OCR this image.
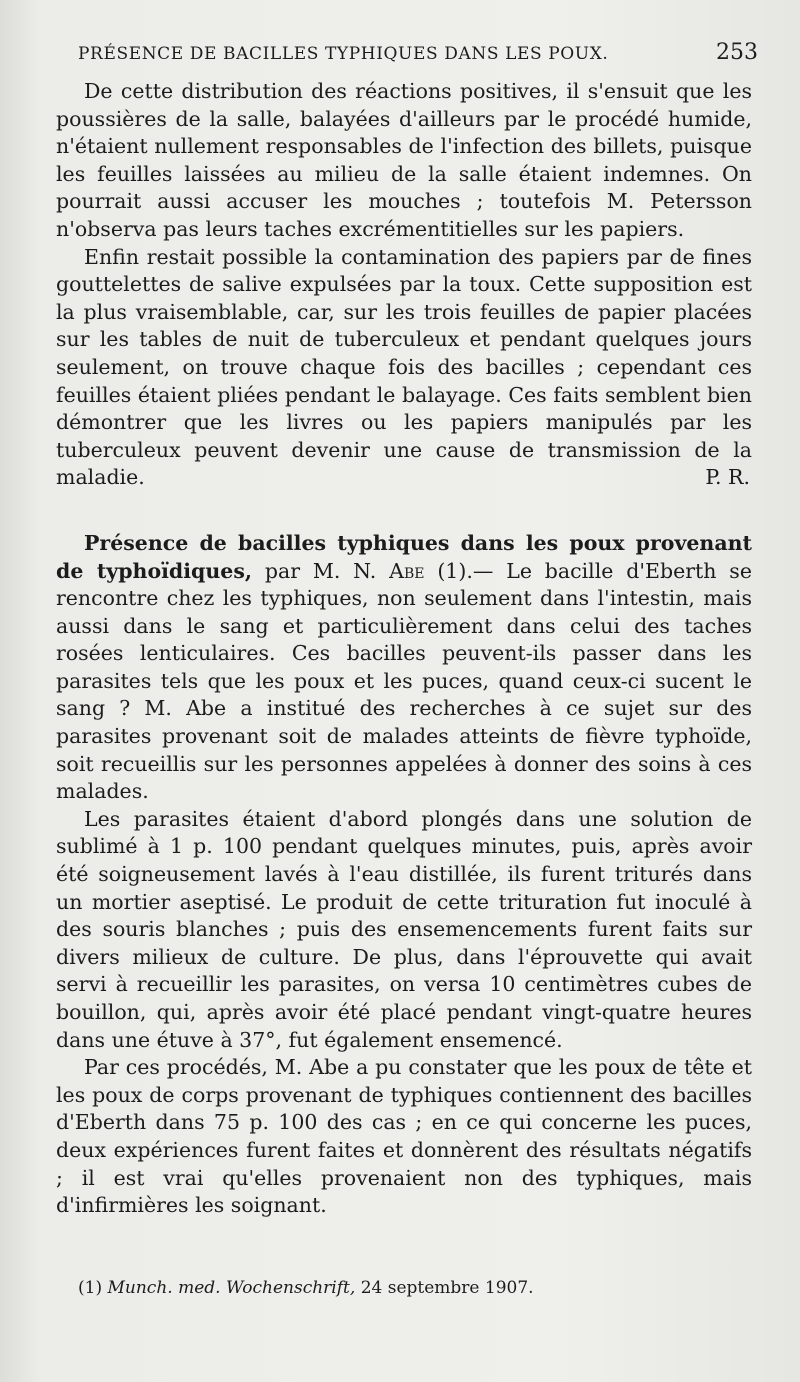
PRÉSENCE DE BACILLES TYPHIQUES DANS LES POUX.	253

De cette distribution des réactions positives, il s'ensuit que les poussières de la salle, balayées d'ailleurs par le procédé humide, n'étaient nullement responsables de l'infection des billets, puisque les feuilles laissées au milieu de la salle étaient indemnes. On pourrait aussi accuser les mouches ; toutefois M. Petersson n'observa pas leurs taches excrémentitielles sur les papiers.

Enfin restait possible la contamination des papiers par de fines gouttelettes de salive expulsées par la toux. Cette supposition est la plus vraisemblable, car, sur les trois feuilles de papier placées sur les tables de nuit de tuberculeux et pendant quelques jours seulement, on trouve chaque fois des bacilles ; cependant ces feuilles étaient pliées pendant le balayage. Ces faits semblent bien démontrer que les livres ou les papiers manipulés par les tuberculeux peuvent devenir une cause de transmission de la maladie.	P. R.

Présence de bacilles typhiques dans les poux provenant de typhoïdiques, par M. N. Abe (1).— Le bacille d'Eberth se rencontre chez les typhiques, non seulement dans l'intestin, mais aussi dans le sang et particulièrement dans celui des taches rosées lenticulaires. Ces bacilles peuvent-ils passer dans les parasites tels que les poux et les puces, quand ceux-ci sucent le sang ? M. Abe a institué des recherches à ce sujet sur des parasites provenant soit de malades atteints de fièvre typhoïde, soit recueillis sur les personnes appelées à donner des soins à ces malades.

Les parasites étaient d'abord plongés dans une solution de sublimé à 1 p. 100 pendant quelques minutes, puis, après avoir été soigneusement lavés à l'eau distillée, ils furent triturés dans un mortier aseptisé. Le produit de cette trituration fut inoculé à des souris blanches ; puis des ensemencements furent faits sur divers milieux de culture. De plus, dans l'éprouvette qui avait servi à recueillir les parasites, on versa 10 centimètres cubes de bouillon, qui, après avoir été placé pendant vingt-quatre heures dans une étuve à 37°, fut également ensemencé.

Par ces procédés, M. Abe a pu constater que les poux de tête et les poux de corps provenant de typhiques contiennent des bacilles d'Eberth dans 75 p. 100 des cas ; en ce qui concerne les puces, deux expériences furent faites et donnèrent des résultats négatifs ; il est vrai qu'elles provenaient non des typhiques, mais d'infirmières les soignant.

(1) Munch. med. Wochenschrift, 24 septembre 1907.
